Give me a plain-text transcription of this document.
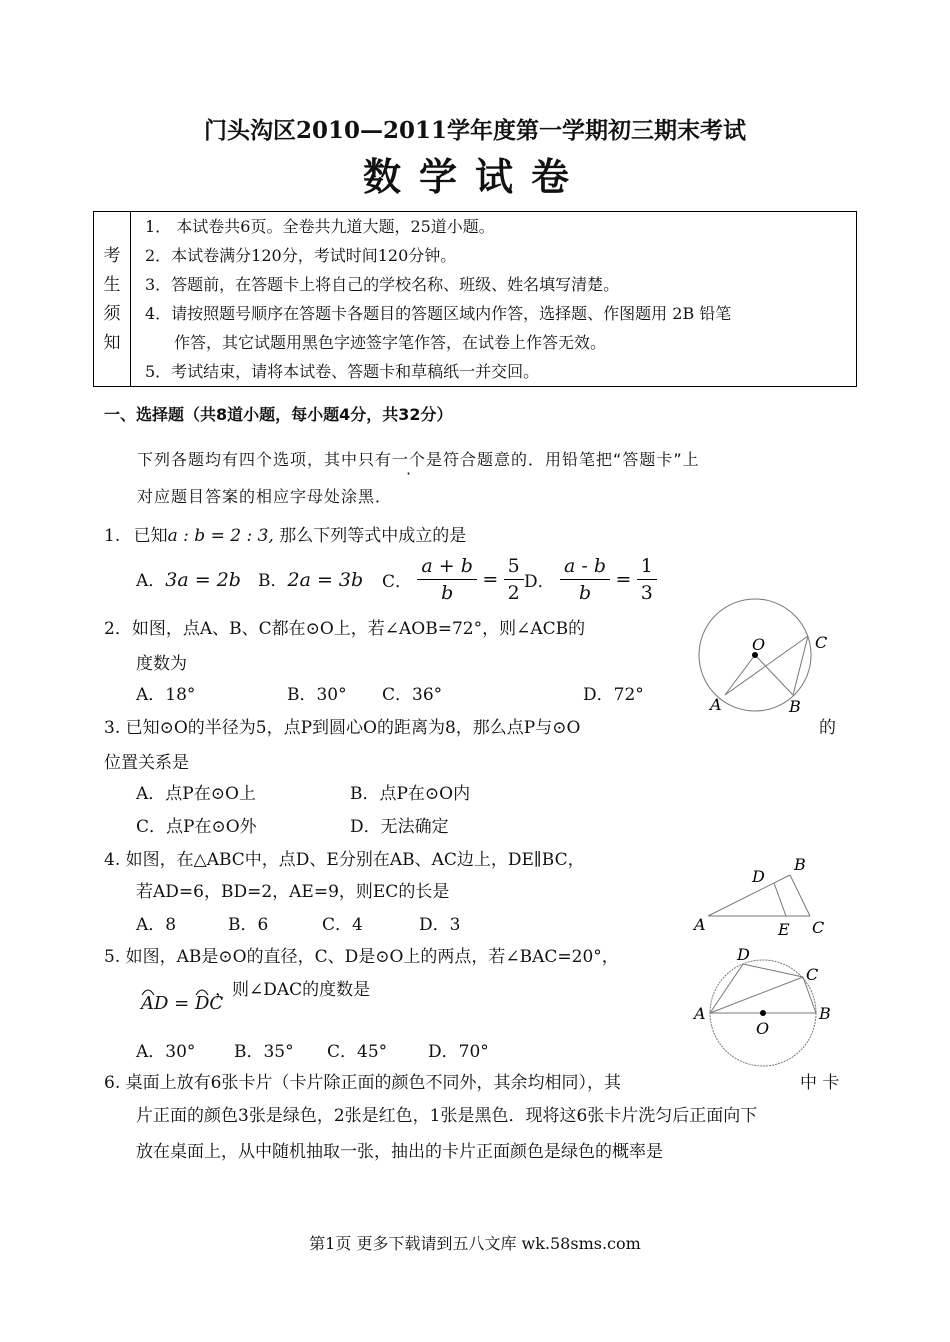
门头沟区2010—2011学年度第一学期初三期末考试
数学试卷
考
生
须
知

1． 本试卷共6页。全卷共九道大题，25道小题。
2．本试卷满分120分，考试时间120分钟。
3．答题前，在答题卡上将自己的学校名称、班级、姓名填写清楚。
4．请按照题号顺序在答题卡各题目的答题区域内作答，选择题、作图题用 2B 铅笔
作答，其它试题用黑色字迹签字笔作答，在试卷上作答无效。
5．考试结束，请将本试卷、答题卡和草稿纸一并交回。
一、选择题（共8道小题，每小题4分，共32分）
下列各题均有四个选项，其中只有一个是符合题意的．用铅笔把“答题卡”上
对应题目答案的相应字母处涂黑．
1. 已知a : b = 2 : 3, 那么下列等式中成立的是
A．3a = 2b B．2a = 3b C． $\frac{a + b}{b} = \frac{5}{2}$ D． $\frac{a - b}{b} = \frac{1}{3}$
2．如图，点A、B、C都在⊙O上，若∠AOB=72°，则∠ACB的
度数为
A．18°	B．30° C．36°	D．72°
O	C
A	B
3. 已知⊙O的半径为5，点P到圆心O的距离为8，那么点P与⊙O	的
位置关系是
A．点P在⊙O上	B．点P在⊙O内
C．点P在⊙O外	D．无法确定
4. 如图，在△ABC中，点D、E分别在AB、AC边上，DE∥BC，
若AD=6，BD=2，AE=9，则EC的长是
A．8	B．6	C．4	D．3	A
B
C
D
E
5. 如图，AB是⊙O的直径，C、D是⊙O上的两点，若∠BAC=20°，
AD = DC
，则∠DAC的度数是
A．30° B．35° C．45° D．70°
A	B
C
D
O
6. 桌面上放有6张卡片（卡片除正面的颜色不同外，其余均相同），其	中 卡
片正面的颜色3张是绿色，2张是红色，1张是黑色．现将这6张卡片洗匀后正面向下
放在桌面上，从中随机抽取一张，抽出的卡片正面颜色是绿色的概率是
第1页 更多下载请到五八文库 wk.58sms.com
